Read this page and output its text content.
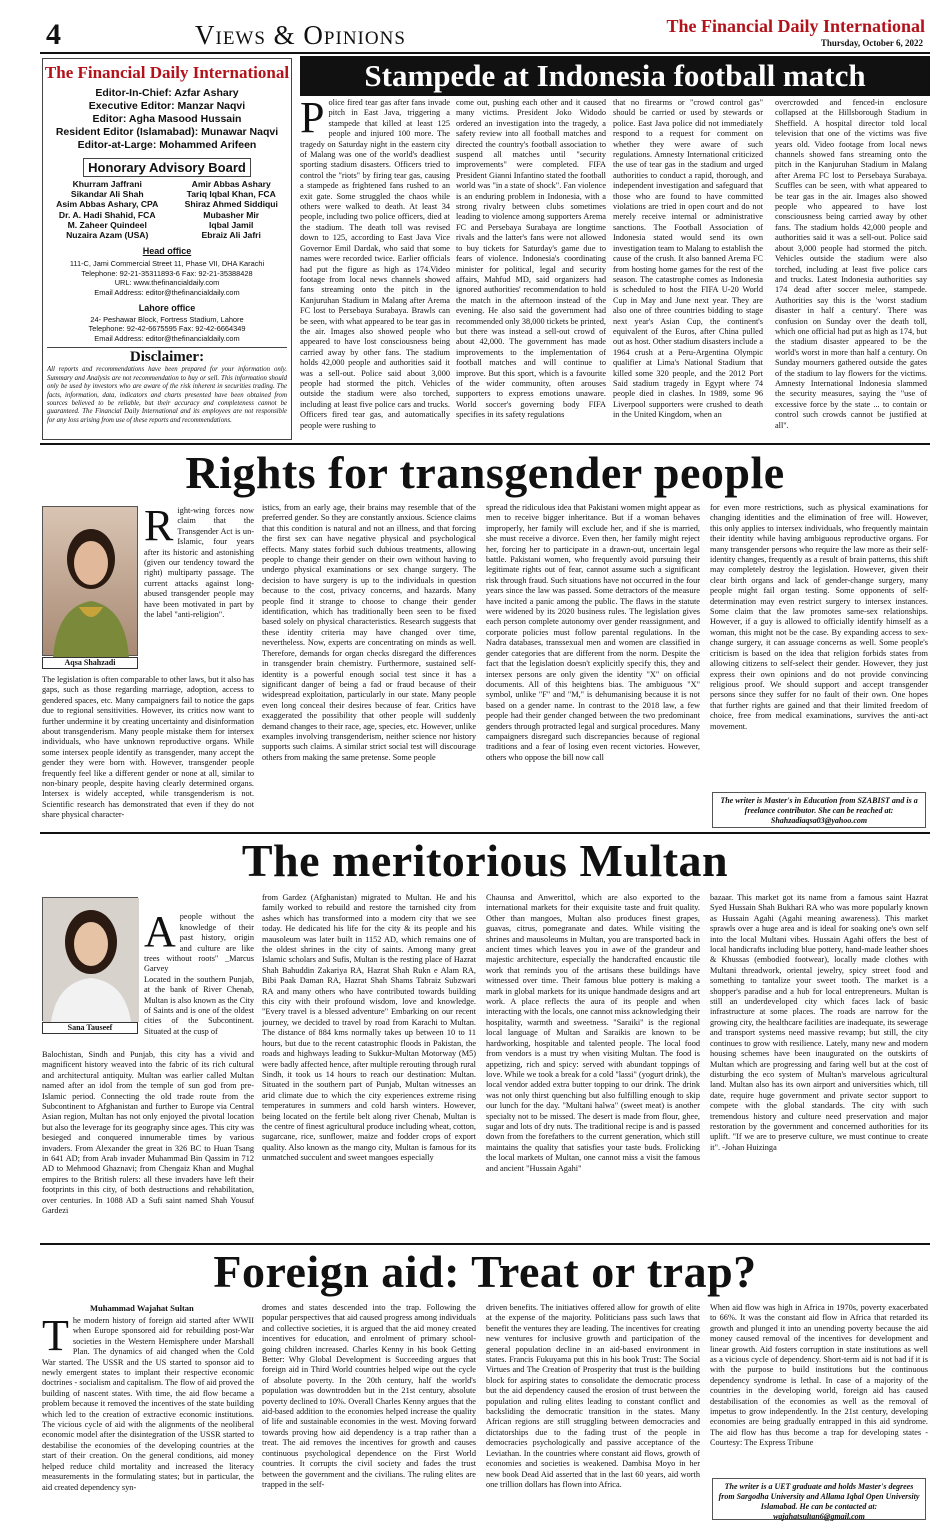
4	Views & Opinions	The Financial Daily International
Thursday, October 6, 2022
The Financial Daily International
Editor-In-Chief: Azfar Ashary
Executive Editor: Manzar Naqvi
Editor: Agha Masood Hussain
Resident Editor (Islamabad): Munawar Naqvi
Editor-at-Large: Mohammed Arifeen
Honorary Advisory Board
Khurram Jaffrani
Sikandar Ali Shah
Asim Abbas Ashary, CPA
Dr. A. Hadi Shahid, FCA
M. Zaheer Quindeel
Nuzaira Azam (USA)
Amir Abbas Ashary
Tariq Iqbal Khan, FCA
Shiraz Ahmed Siddiqui
Mubasher Mir
Iqbal Jamil
Ebraiz Ali Jafri
Head office
111-C, Jami Commercial Street 11, Phase VII, DHA Karachi
Telephone: 92-21-35311893-6 Fax: 92-21-35388428
URL: www.thefinancialdaily.com
Email Address: editor@thefinancialdaily.com
Lahore office
24- Peshawar Block, Fortress Stadium, Lahore
Telephone: 92-42-6675595 Fax: 92-42-6664349
Email Address: editor@thefinancialdaily.com
Disclaimer:
All reports and recommendations have been prepared for your information only. Summary and Analysis are not recommendation to buy or sell. This information should only be used by investors who are aware of the risk inherent in securities trading. The facts, information, data, indicators and charts presented have been obtained from sources believed to be reliable, but their accuracy and completeness cannot be guaranteed. The Financial Daily International and its employees are not responsible for any loss arising from use of these reports and recommendations.
Stampede at Indonesia football match
Police fired tear gas after fans invade pitch in East Java, triggering a stampede that killed at least 125 people and injured 100 more. The tragedy on Saturday night in the eastern city of Malang was one of the world's deadliest sporting stadium disasters. Officers tried to control the "riots" by firing tear gas, causing a stampede as frightened fans rushed to an exit gate. Some struggled the chaos while others were walked to death. At least 34 people, including two police officers, died at the stadium. The death toll was revised down to 125, according to East Java Vice Governor Emil Dardak, who said that some names were recorded twice. Earlier officials had put the figure as high as 174.Video footage from local news channels showed fans streaming onto the pitch in the Kanjuruhan Stadium in Malang after Arema FC lost to Persebaya Surabaya. Brawls can be seen, with what appeared to be tear gas in the air. Images also showed people who appeared to have lost consciousness being carried away by other fans. The stadium holds 42,000 people and authorities said it was a sell-out. Police said about 3,000 people had stormed the pitch. Vehicles outside the stadium were also torched, including at least five police cars and trucks. Officers fired tear gas, and automatically people were rushing to
come out, pushing each other and it caused many victims. President Joko Widodo ordered an investigation into the tragedy, a safety review into all football matches and directed the country's football association to suspend all matches until "security improvements" were completed. FIFA President Gianni Infantino stated the football world was "in a state of shock". Fan violence is an enduring problem in Indonesia, with a strong rivalry between clubs sometimes leading to violence among supporters Arema FC and Persebaya Surabaya are longtime rivals and the latter's fans were not allowed to buy tickets for Saturday's game due to fears of violence. Indonesia's coordinating minister for political, legal and security affairs, Mahfud MD, said organizers had ignored authorities' recommendation to hold the match in the afternoon instead of the evening. He also said the government had recommended only 38,000 tickets be printed, but there was instead a sell-out crowd of about 42,000. The government has made improvements to the implementation of football matches and will continue to improve. But this sport, which is a favourite of the wider community, often arouses supporters to express emotions unaware. World soccer's governing body FIFA specifies in its safety regulations
that no firearms or "crowd control gas" should be carried or used by stewards or police. East Java police did not immediately respond to a request for comment on whether they were aware of such regulations. Amnesty International criticized the use of tear gas in the stadium and urged authorities to conduct a rapid, thorough, and independent investigation and safeguard that those who are found to have committed violations are tried in open court and do not merely receive internal or administrative sanctions. The Football Association of Indonesia stated would send its own investigation team to Malang to establish the cause of the crush. It also banned Arema FC from hosting home games for the rest of the season. The catastrophe comes as Indonesia is scheduled to host the FIFA U-20 World Cup in May and June next year. They are also one of three countries bidding to stage next year's Asian Cup, the continent's equivalent of the Euros, after China pulled out as host. Other stadium disasters include a 1964 crush at a Peru-Argentina Olympic qualifier at Lima's National Stadium that killed some 320 people, and the 2012 Port Said stadium tragedy in Egypt where 74 people died in clashes. In 1989, some 96 Liverpool supporters were crushed to death in the United Kingdom, when an
overcrowded and fenced-in enclosure collapsed at the Hillsborough Stadium in Sheffield. A hospital director told local television that one of the victims was five years old. Video footage from local news channels showed fans streaming onto the pitch in the Kanjuruhan Stadium in Malang after Arema FC lost to Persebaya Surabaya. Scuffles can be seen, with what appeared to be tear gas in the air. Images also showed people who appeared to have lost consciousness being carried away by other fans. The stadium holds 42,000 people and authorities said it was a sell-out. Police said about 3,000 people had stormed the pitch. Vehicles outside the stadium were also torched, including at least five police cars and trucks. Latest Indonesia authorities say 174 dead after soccer melee, stampede. Authorities say this is the 'worst stadium disaster in half a century'. There was confusion on Sunday over the death toll, which one official had put as high as 174, but the stadium disaster appeared to be the world's worst in more than half a century. On Sunday mourners gathered outside the gates of the stadium to lay flowers for the victims. Amnesty International Indonesia slammed the security measures, saying the "use of excessive force by the state ... to contain or control such crowds cannot be justified at all".
Rights for transgender people
Aqsa Shahzadi
Right-wing forces now claim that the Transgender Act is un-Islamic, four years after its historic and astonishing (given our tendency toward the right) multiparty passage. The current attacks against long-abused transgender people may have been motivated in part by the label "anti-religion".
The legislation is often comparable to other laws, but it also has gaps, such as those regarding marriage, adoption, access to gendered spaces, etc. Many campaigners fail to notice the gaps due to regional sensitivities. However, its critics now want to further undermine it by creating uncertainty and disinformation about transgenderism. Many people mistake them for intersex individuals, who have unknown reproductive organs. While some intersex people identify as transgender, many accept the gender they were born with. However, transgender people frequently feel like a different gender or none at all, similar to non-binary people, despite having clearly determined organs. Intersex is widely accepted, while transgenderism is not. Scientific research has demonstrated that even if they do not share physical character-
istics, from an early age, their brains may resemble that of the preferred gender. So they are constantly anxious. Science claims that this condition is natural and not an illness, and that forcing the first sex can have negative physical and psychological effects. Many states forbid such dubious treatments, allowing people to change their gender on their own without having to undergo physical examinations or sex change surgery. The decision to have surgery is up to the individuals in question because to the cost, privacy concerns, and hazards. Many people find it strange to choose to change their gender identification, which has traditionally been seen to be fixed based solely on physical characteristics. Research suggests that these identity criteria may have changed over time, nevertheless. Now, experts are concentrating on minds as well. Therefore, demands for organ checks disregard the differences in transgender brain chemistry. Furthermore, sustained self-identity is a powerful enough social test since it has a significant danger of being a fad or fraud because of their widespread exploitation, particularly in our state. Many people even long conceal their desires because of fear. Critics have exaggerated the possibility that other people will suddenly demand changes to their race, age, species, etc. However, unlike examples involving transgenderism, neither science nor history supports such claims. A similar strict social test will discourage others from making the same pretense. Some people
spread the ridiculous idea that Pakistani women might appear as men to receive bigger inheritance. But if a woman behaves improperly, her family will exclude her, and if she is married, she must receive a divorce. Even then, her family might reject her, forcing her to participate in a drawn-out, uncertain legal battle. Pakistani women, who frequently avoid pursuing their legitimate rights out of fear, cannot assume such a significant risk through fraud. Such situations have not occurred in the four years since the law was passed. Some detractors of the measure have incited a panic among the public. The flaws in the statute were widened by its 2020 business rules. The legislation gives each person complete autonomy over gender reassignment, and corporate policies must follow parental regulations. In the Nadra databases, transsexual men and women are classified in gender categories that are different from the norm. Despite the fact that the legislation doesn't explicitly specify this, they and intersex persons are only given the identity "X" on official documents. All of this heightens bias. The ambiguous "X" symbol, unlike "F" and "M," is dehumanising because it is not based on a gender name. In contrast to the 2018 law, a few people had their gender changed between the two predominant genders through protracted legal and surgical procedures. Many campaigners disregard such discrepancies because of regional traditions and a fear of losing even recent victories. However, others who oppose the bill now call
for even more restrictions, such as physical examinations for changing identities and the elimination of free will. However, this only applies to intersex individuals, who frequently maintain their identity while having ambiguous reproductive organs. For many transgender persons who require the law more as their self-identity changes, frequently as a result of brain patterns, this shift may completely destroy the legislation. However, given their clear birth organs and lack of gender-change surgery, many people might fail organ testing. Some opponents of self-determination may even restrict surgery to intersex instances. Some claim that the law promotes same-sex relationships. However, if a guy is allowed to officially identify himself as a woman, this might not be the case. By expanding access to sex-change surgery, it can assuage concerns as well. Some people's criticism is based on the idea that religion forbids states from allowing citizens to self-select their gender. However, they just express their own opinions and do not provide convincing religious proof. We should support and accept transgender persons since they suffer for no fault of their own. One hopes that further rights are gained and that their limited freedom of choice, free from medical examinations, survives the anti-act movement.
The writer is Master's in Education from SZABIST and is a freelance contributor. She can be reached at: Shahzadiaqsa03@yahoo.com
The meritorious Multan
Sana Tauseef

Apeople without the knowledge of their past history, origin and culture are like trees without roots" _Marcus Garvey
Located in the southern Punjab, at the bank of River Chenab, Multan is also known as the City of Saints and is one of the oldest cities of the Subcontinent. Situated at the cusp of

Balochistan, Sindh and Punjab, this city has a vivid and magnificent history weaved into the fabric of its rich cultural and architectural antiquity. Multan was earlier called Multan named after an idol from the temple of sun god from pre-Islamic period. Connecting the old trade route from the Subcontinent to Afghanistan and further to Europe via Central Asian region, Multan has not only enjoyed the pivotal location but also the leverage for its geography since ages. This city was besieged and conquered innumerable times by various invaders. From Alexander the great in 326 BC to Huan Tsang in 641 AD; from Arab invader Muhammad Bin Qassim in 712 AD to Mehmood Ghaznavi; from Chengaiz Khan and Mughal empires to the British rulers: all these invaders have left their footprints in this city, of both destructions and rehabilitation, over centuries. In 1088 AD a Sufi saint named Shah Yousuf Gardezi
from Gardez (Afghanistan) migrated to Multan. He and his family worked to rebuild and restore the tarnished city from ashes which has transformed into a modern city that we see today. He dedicated his life for the city & its people and his mausoleum was later built in 1152 AD, which remains one of the oldest shrines in the city of saints. Among many great Islamic scholars and Sufis, Multan is the resting place of Hazrat Shah Bahuddin Zakariya RA, Hazrat Shah Rukn e Alam RA, Bibi Paak Daman RA, Hazrat Shah Shams Tabraiz Subzwari RA and many others who have contributed towards building this city with their profound wisdom, love and knowledge. "Every travel is a blessed adventure" Embarking on our recent journey, we decided to travel by road from Karachi to Multan. The distance of 884 kms normally takes up between 10 to 11 hours, but due to the recent catastrophic floods in Pakistan, the roads and highways leading to Sukkur-Multan Motorway (M5) were badly affected hence, after multiple rerouting through rural Sindh, it took us 14 hours to reach our destination: Multan. Situated in the southern part of Punjab, Multan witnesses an arid climate due to which the city experiences extreme rising temperatures in summers and cold harsh winters. However, being located on the fertile belt along river Chenab, Multan is the centre of finest agricultural produce including wheat, cotton, sugarcane, rice, sunflower, maize and fodder crops of export quality. Also known as the mango city, Multan is famous for its unmatched succulent and sweet mangoes especially
Chaunsa and Anwerittol, which are also exported to the international markets for their exquisite taste and fruit quality. Other than mangoes, Multan also produces finest grapes, guavas, citrus, pomegranate and dates. While visiting the shrines and mausoleums in Multan, you are transported back in ancient times which leaves you in awe of the grandeur and majestic architecture, especially the handcrafted encaustic tile work that reminds you of the artisans these buildings have witnessed over time. Their famous blue pottery is making a mark in global markets for its unique handmade designs and art work. A place reflects the aura of its people and when interacting with the locals, one cannot miss acknowledging their hospitality, warmth and sweetness. "Saraiki" is the regional local language of Multan and Saraikis are known to be hardworking, hospitable and talented people. The local food from vendors is a must try when visiting Multan. The food is appetizing, rich and spicy: served with abundant toppings of love. While we took a break for a cold "lassi" (yogurt drink), the local vendor added extra butter topping to our drink. The drink was not only thirst quenching but also fulfilling enough to skip our lunch for the day. "Multani halwa" (sweet meat) is another specialty not to be missed. The desert is made from flour, ghee, sugar and lots of dry nuts. The traditional recipe is and is passed down from the forefathers to the current generation, which still maintains the quality that satisfies your taste buds. Frolicking the local markets of Multan, one cannot miss a visit the famous and ancient "Hussain Agahi"
bazaar. This market got its name from a famous saint Hazrat Syed Hussain Shah Bukhari RA who was more popularly known as Hussain Agahi (Agahi meaning awareness). This market sprawls over a huge area and is ideal for soaking one's own self into the local Multani vibes. Hussain Agahi offers the best of local handicrafts including blue pottery, hand-made leather shoes & Khussas (embodied footwear), locally made clothes with Multani threadwork, oriental jewelry, spicy street food and something to tantalize your sweet tooth. The market is a shopper's paradise and a hub for local entrepreneurs. Multan is still an underdeveloped city which faces lack of basic infrastructure at some places. The roads are narrow for the growing city, the healthcare facilities are inadequate, its sewerage and transport systems need massive revamp; but still, the city continues to grow with resilience. Lately, many new and modern housing schemes have been inaugurated on the outskirts of Multan which are progressing and faring well but at the cost of disturbing the eco system of Multan's marvelous agricultural land. Multan also has its own airport and universities which, till date, require huge government and private sector support to compete with the global standards. The city with such tremendous history and culture need preservation and major restoration by the government and concerned authorities for its uplift. "If we are to preserve culture, we must continue to create it". -Johan Huizinga
Foreign aid: Treat or trap?
Muhammad Wajahat Sultan
The modern history of foreign aid started after WWII when Europe sponsored aid for rebuilding post-War societies in the Western Hemisphere under Marshall Plan. The dynamics of aid changed when the Cold War started. The USSR and the US started to sponsor aid to newly emergent states to implant their respective economic doctrines - socialism and capitalism. The flow of aid proved the building of nascent states. With time, the aid flow became a problem because it removed the incentives of the state building which led to the creation of extractive economic institutions. The vicious cycle of aid with the alignments of the neoliberal economic model after the disintegration of the USSR started to destabilise the economies of the developing countries at the start of their creation. On the general conditions, aid money helped reduce child mortality and increased the literacy measurements in the formulating states; but in particular, the aid created dependency syn-
dromes and states descended into the trap. Following the popular perspectives that aid caused progress among individuals and collective societies, it is argued that the aid money created incentives for education, and enrolment of primary school-going children increased. Charles Kenny in his book Getting Better: Why Global Development is Succeeding argues that foreign aid in Third World countries helped wipe out the cycle of absolute poverty. In the 20th century, half the world's population was downtrodden but in the 21st century, absolute poverty declined to 10%. Overall Charles Kenny argues that the aid-based addition to the economies helped increase the quality of life and sustainable economies in the west. Moving forward towards proving how aid dependency is a trap rather than a treat. The aid removes the incentives for growth and causes continuous psychological dependence on the First World countries. It corrupts the civil society and fades the trust between the government and the civilians. The ruling elites are trapped in the self-
driven benefits. The initiatives offered allow for growth of elite at the expense of the majority. Politicians pass such laws that benefit the ventures they are leading. The incentives for creating new ventures for inclusive growth and participation of the general population decline in an aid-based environment in states. Francis Fukuyama put this in his book Trust: The Social Virtues and The Creation of Prosperity that trust is the building block for aspiring states to consolidate the democratic process but the aid dependency caused the erosion of trust between the population and ruling elites leading to constant conflict and backsliding the democratic transition in the states. Many African regions are still struggling between democracies and dictatorships due to the fading trust of the people in democracies psychologically and passive acceptance of the Leviathan. In the countries where constant aid flows, growth of economies and societies is weakened. Dambisa Moyo in her new book Dead Aid asserted that in the last 60 years, aid worth one trillion dollars has flown into Africa.
When aid flow was high in Africa in 1970s, poverty exacerbated to 66%. It was the constant aid flow in Africa that retarded its growth and plunged it into an unending poverty because the aid money caused removal of the incentives for development and linear growth. Aid fosters corruption in state institutions as well as a vicious cycle of dependency. Short-term aid is not bad if it is with the purpose to build institutions but the continuous dependency syndrome is lethal. In case of a majority of the countries in the developing world, foreign aid has caused destabilisation of the economies as well as the removal of impetus to grow independently. In the 21st century, developing economies are being gradually entrapped in this aid syndrome. The aid flow has thus become a trap for developing states -Courtesy: The Express Tribune
The writer is a UET graduate and holds Master's degrees from Sargodha University and Allama Iqbal Open University Islamabad. He can be contacted at: wajahatsultan6@gmail.com
